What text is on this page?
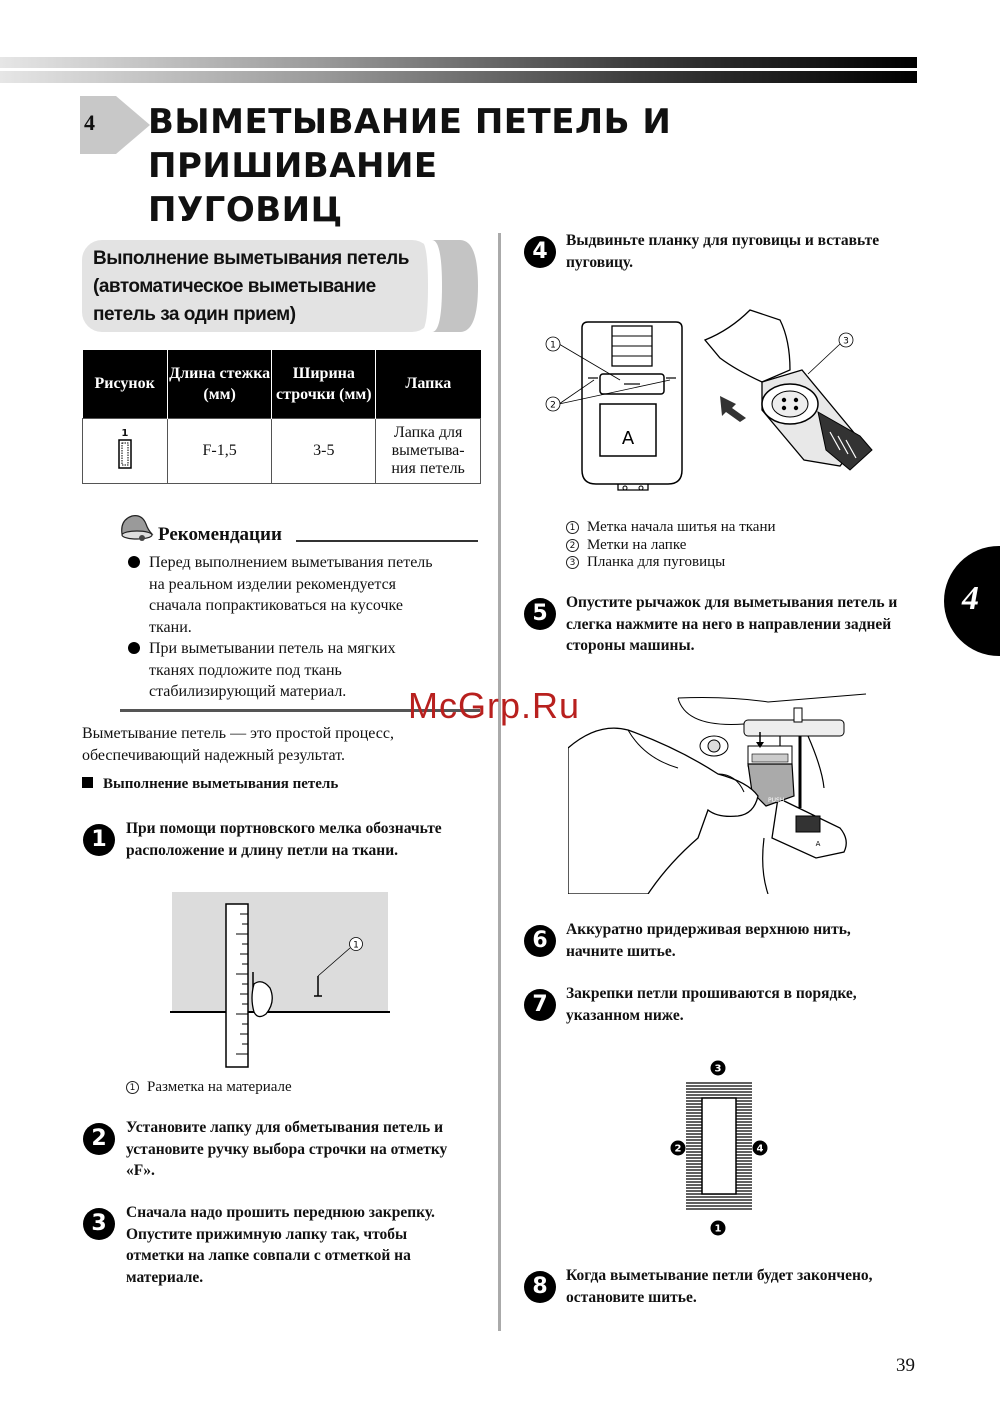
4 ВЫМЕТЫВАНИЕ ПЕТЕЛЬ И ПРИШИВАНИЕ
ПУГОВИЦ
Выполнение выметывания петель
(автоматическое выметывание
петель за один прием)
Рисунок	Длина стежка (мм)	Ширина строчки (мм)	Лапка

1	F-1,5	3-5	Лапка для
выметыва-
ния петель
Рекомендации
Перед выполнением выметывания петель
на реальном изделии рекомендуется
сначала попрактиковаться на кусочке
ткани.
При выметывании петель на мягких
тканях подложите под ткань
стабилизирующий материал.
Выметывание петель — это простой процесс,
обеспечивающий надежный результат.
Выполнение выметывания петель
1	При помощи портновского мелка обозначьте
расположение и длину петли на ткани.
1
1 Разметка на материале
2	Установите лапку для обметывания петель и
установите ручку выбора строчки на отметку
«F».
3	Сначала надо прошить переднюю закрепку.
Опустите прижимную лапку так, чтобы
отметки на лапке совпали с отметкой на
материале.
4	Выдвиньте планку для пуговицы и вставьте
пуговицу.
A
1
2
3
1 Метка начала шитья на ткани
2 Метки на лапке
3 Планка для пуговицы
5	Опустите рычажок для выметывания петель и
слегка нажмите на него в направлении задней
стороны машины.
A
PUSH
6	Аккуратно придерживая верхнюю нить,
начните шитье.
7	Закрепки петли прошиваются в порядке,
указанном ниже.
3
2	4
1
8	Когда выметывание петли будет закончено,
остановите шитье.
4
39
McGrp.Ru
